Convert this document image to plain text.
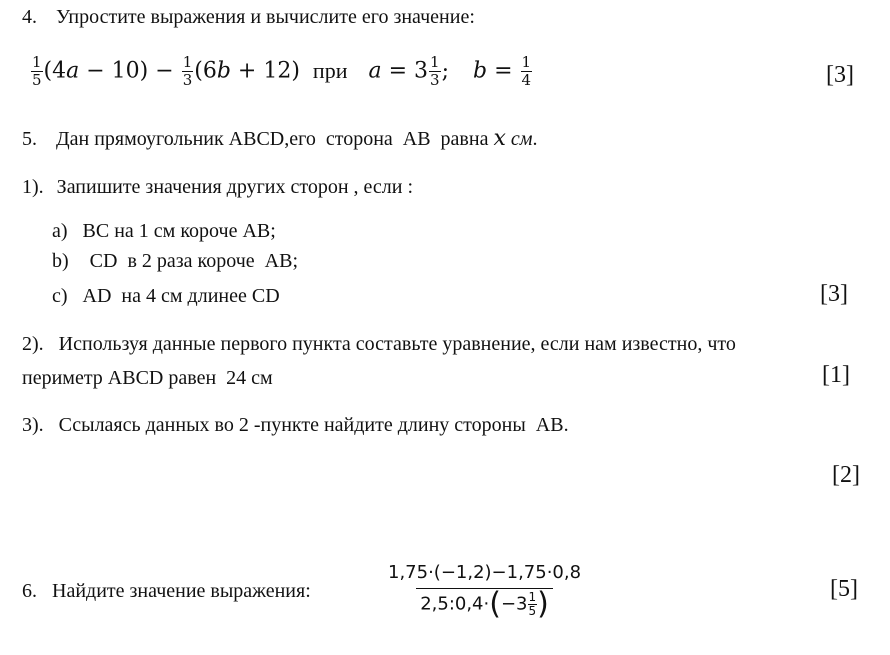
4. Упростите выражения и вычислите его значение:
$\frac{1}{5} (4a - 10) - \frac{1}{3} (6b + 12)$ при $a = 3 \frac{1}{3}$ ; $b = \frac{1}{4}$	[3]
5. Дан прямоугольник ABCD,его  сторона  AB  равна x см.
1). Запишите значения других сторон , если :
a) BC на 1 см короче AB;
b) CD  в 2 раза короче  AB;
c) AD  на 4 см длинее CD	[3]
2). Используя данные первого пункта составьте уравнение, если нам известно, что
периметр ABCD равен  24 см	[1]
3). Ссылаясь данных во 2 -пункте найдите длину стороны  AB.
[2]
6. Найдите значение выражения:	$\frac{1,75\cdot(-1,2)-1,75\cdot 0,8}{2,5:0,4\cdot(-3 \frac{1}{5} )}$	[5]
